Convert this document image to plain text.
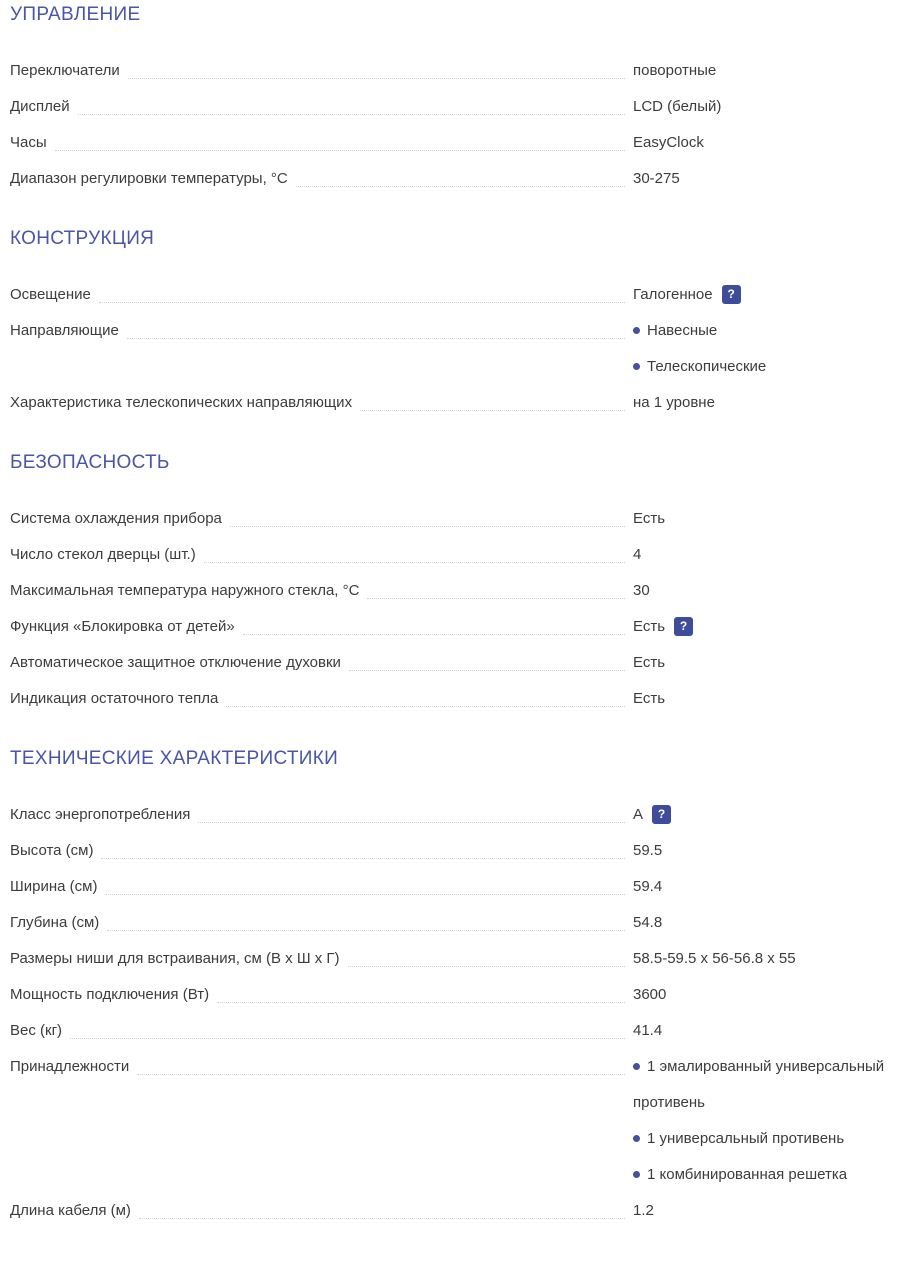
УПРАВЛЕНИЕ
Переключатели	поворотные
Дисплей	LCD (белый)
Часы	EasyClock
Диапазон регулировки температуры, °C	30-275
КОНСТРУКЦИЯ
Освещение	Галогенное ?
Направляющие	Навесные
Телескопические
Характеристика телескопических направляющих	на 1 уровне
БЕЗОПАСНОСТЬ
Система охлаждения прибора	Есть
Число стекол дверцы (шт.)	4
Максимальная температура наружного стекла, °C	30
Функция «Блокировка от детей»	Есть ?
Автоматическое защитное отключение духовки	Есть
Индикация остаточного тепла	Есть
ТЕХНИЧЕСКИЕ ХАРАКТЕРИСТИКИ
Класс энергопотребления	A ?
Высота (см)	59.5
Ширина (см)	59.4
Глубина (см)	54.8
Размеры ниши для встраивания, см (В х Ш х Г)	58.5-59.5 x 56-56.8 x 55
Мощность подключения (Вт)	3600
Вес (кг)	41.4
Принадлежности	1 эмалированный универсальный противень
1 универсальный противень
1 комбинированная решетка
Длина кабеля (м)	1.2
